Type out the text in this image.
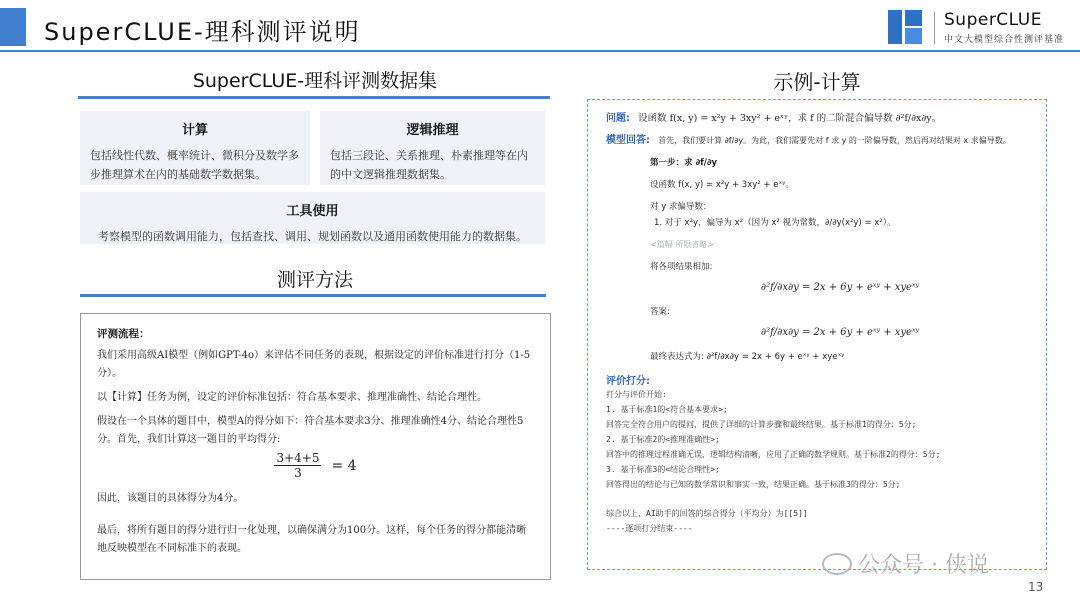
SuperCLUE-理科测评说明	SuperCLUE
中文大模型综合性测评基准
SuperCLUE-理科评测数据集
计算

包括线性代数、概率统计、微积分及数学多步推理算术在内的基础数学数据集。

逻辑推理

包括三段论、关系推理、朴素推理等在内的中文逻辑推理数据集。

工具使用

考察模型的函数调用能力，包括查找、调用、规划函数以及通用函数使用能力的数据集。

测评方法
评测流程：

我们采用高级AI模型（例如GPT-4o）来评估不同任务的表现，根据设定的评价标准进行打分（1-5分）。

以【计算】任务为例，设定的评价标准包括：符合基本要求、推理准确性、结论合理性。

假设在一个具体的题目中，模型A的得分如下：符合基本要求3分、推理准确性4分、结论合理性5分。首先，我们计算这一题目的平均得分:

$\frac{3+4+5}{3} = 4$

因此，该题目的具体得分为4分。

最后，将所有题目的得分进行归一化处理，以确保满分为100分。这样，每个任务的得分都能清晰地反映模型在不同标准下的表现。

示例-计算
问题: 设函数 f(x, y) = x²y + 3xy² + eˣʸ，求 f 的二阶混合偏导数 ∂²f/∂x∂y。
模型回答: 首先，我们要计算 ∂f/∂y。为此，我们需要先对 f 求 y 的一阶偏导数，然后再对结果对 x 求偏导数。
第一步：求 ∂f/∂y
设函数 f(x, y) = x²y + 3xy² + eˣʸ。
对 y 求偏导数：
1. 对于 x²y，偏导为 x²（因为 x² 视为常数，∂/∂y(x²y) = x²）。
<篇幅 所限省略>
将各项结果相加:
∂²f/∂x∂y = 2x + 6y + eˣʸ + xyeˣʸ
答案:
∂²f/∂x∂y = 2x + 6y + eˣʸ + xyeˣʸ
最终表达式为: ∂²f/∂x∂y = 2x + 6y + eˣʸ + xyeˣʸ
评价打分:
打分与评价开始:
1. 基于标准1的<符合基本要求>;
回答完全符合用户的提问，提供了详细的计算步骤和最终结果。基于标准1的得分：5分;
2. 基于标准2的<推理准确性>;
回答中的推理过程准确无误，逻辑结构清晰，应用了正确的数学规则。基于标准2的得分：5分;
3. 基于标准3的<结论合理性>;
回答得出的结论与已知的数学常识和事实一致，结果正确。基于标准3的得分：5分;
综合以上，AI助手的回答的综合得分（平均分）为[[5]]
----逐项打分结束----
公众号 · 侠说
13
